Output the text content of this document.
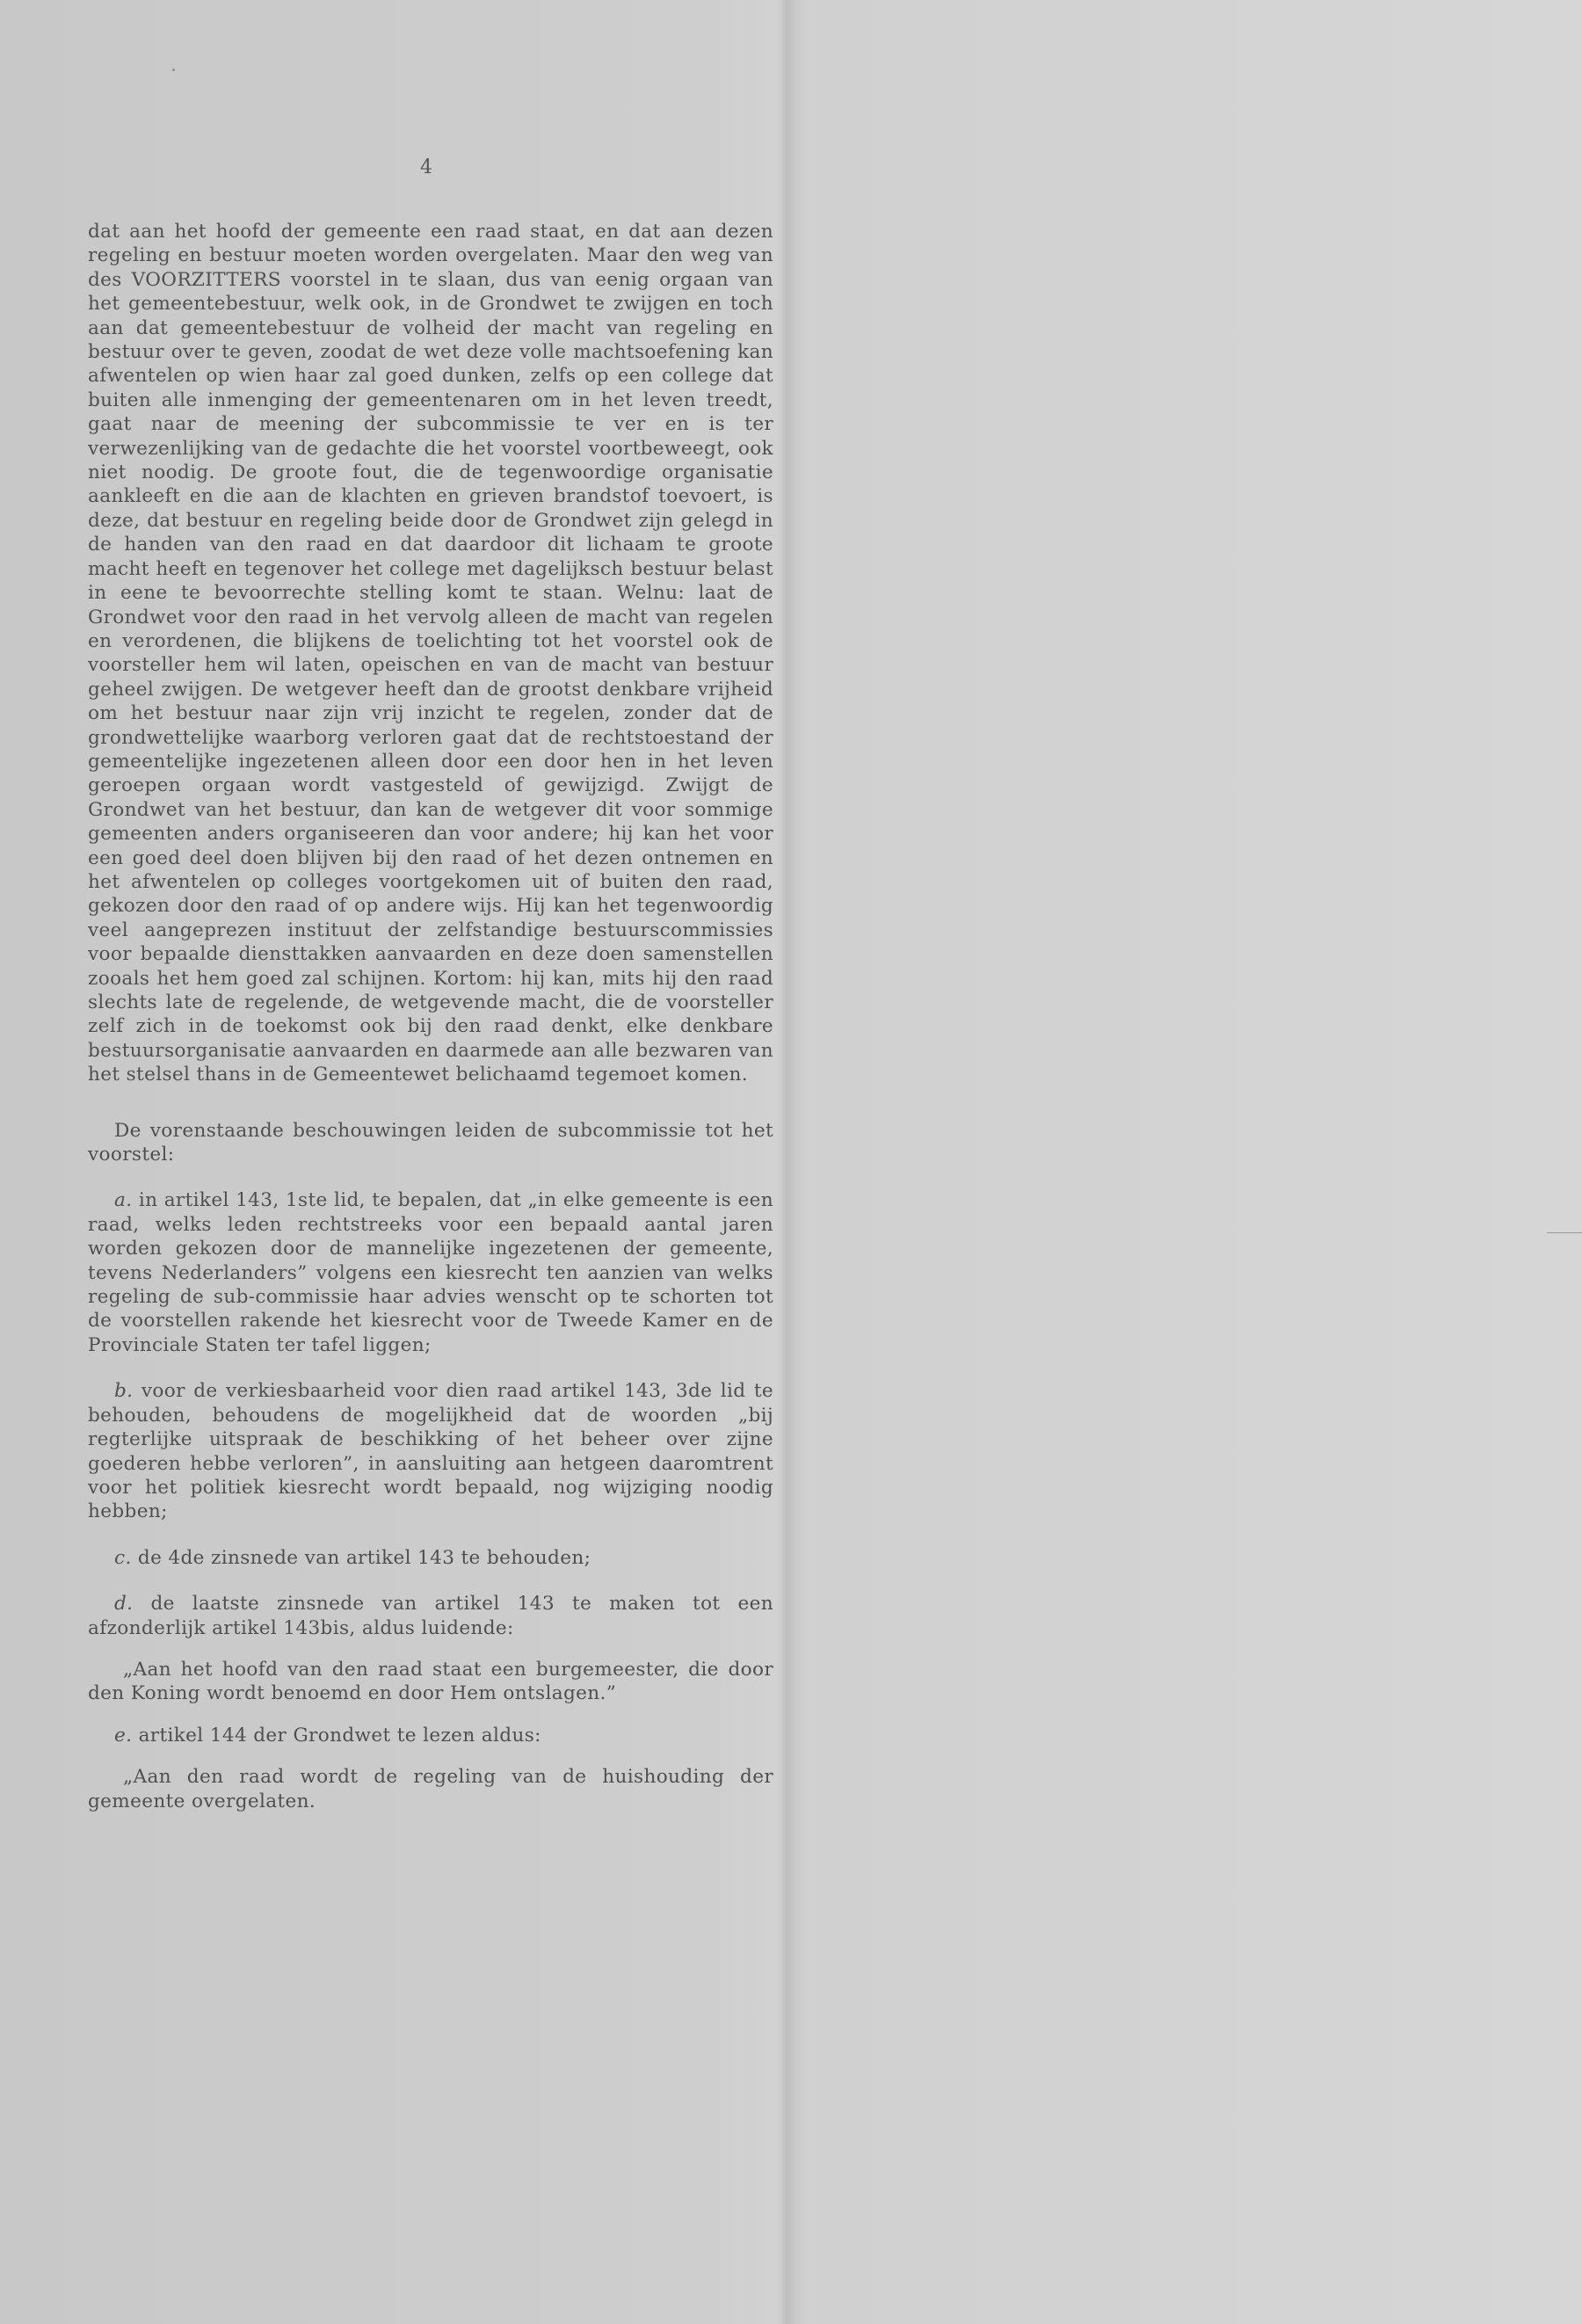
4

dat aan het hoofd der gemeente een raad staat, en dat aan dezen regeling en bestuur moeten worden overgelaten. Maar den weg van des VOORZITTERS voorstel in te slaan, dus van eenig orgaan van het gemeentebestuur, welk ook, in de Grondwet te zwijgen en toch aan dat gemeentebestuur de volheid der macht van regeling en bestuur over te geven, zoodat de wet deze volle machtsoefening kan afwentelen op wien haar zal goed dunken, zelfs op een college dat buiten alle inmenging der gemeentenaren om in het leven treedt, gaat naar de meening der subcommissie te ver en is ter verwezenlijking van de gedachte die het voorstel voortbeweegt, ook niet noodig. De groote fout, die de tegenwoordige organisatie aankleeft en die aan de klachten en grieven brandstof toevoert, is deze, dat bestuur en regeling beide door de Grondwet zijn gelegd in de handen van den raad en dat daardoor dit lichaam te groote macht heeft en tegenover het college met dagelijksch bestuur belast in eene te bevoorrechte stelling komt te staan. Welnu: laat de Grondwet voor den raad in het vervolg alleen de macht van regelen en verordenen, die blijkens de toelichting tot het voorstel ook de voorsteller hem wil laten, opeischen en van de macht van bestuur geheel zwijgen. De wetgever heeft dan de grootst denkbare vrijheid om het bestuur naar zijn vrij inzicht te regelen, zonder dat de grondwettelijke waarborg verloren gaat dat de rechtstoestand der gemeentelijke ingezetenen alleen door een door hen in het leven geroepen orgaan wordt vastgesteld of gewijzigd. Zwijgt de Grondwet van het bestuur, dan kan de wetgever dit voor sommige gemeenten anders organiseeren dan voor andere; hij kan het voor een goed deel doen blijven bij den raad of het dezen ontnemen en het afwentelen op colleges voortgekomen uit of buiten den raad, gekozen door den raad of op andere wijs. Hij kan het tegenwoordig veel aangeprezen instituut der zelfstandige bestuurscommissies voor bepaalde diensttakken aanvaarden en deze doen samenstellen zooals het hem goed zal schijnen. Kortom: hij kan, mits hij den raad slechts late de regelende, de wetgevende macht, die de voorsteller zelf zich in de toekomst ook bij den raad denkt, elke denkbare bestuursorganisatie aanvaarden en daarmede aan alle bezwaren van het stelsel thans in de Gemeentewet belichaamd tegemoet komen.

De vorenstaande beschouwingen leiden de subcommissie tot het voorstel:

a. in artikel 143, 1ste lid, te bepalen, dat „in elke gemeente is een raad, welks leden rechtstreeks voor een bepaald aantal jaren worden gekozen door de mannelijke ingezetenen der gemeente, tevens Nederlanders” volgens een kiesrecht ten aanzien van welks regeling de sub-commissie haar advies wenscht op te schorten tot de voorstellen rakende het kiesrecht voor de Tweede Kamer en de Provinciale Staten ter tafel liggen;

b. voor de verkiesbaarheid voor dien raad artikel 143, 3de lid te behouden, behoudens de mogelijkheid dat de woorden „bij regterlijke uitspraak de beschikking of het beheer over zijne goederen hebbe verloren”, in aansluiting aan hetgeen daaromtrent voor het politiek kiesrecht wordt bepaald, nog wijziging noodig hebben;

c. de 4de zinsnede van artikel 143 te behouden;

d. de laatste zinsnede van artikel 143 te maken tot een afzonderlijk artikel 143bis, aldus luidende:

„Aan het hoofd van den raad staat een burgemeester, die door den Koning wordt benoemd en door Hem ontslagen.”

e. artikel 144 der Grondwet te lezen aldus:

„Aan den raad wordt de regeling van de huishouding der gemeente overgelaten.
